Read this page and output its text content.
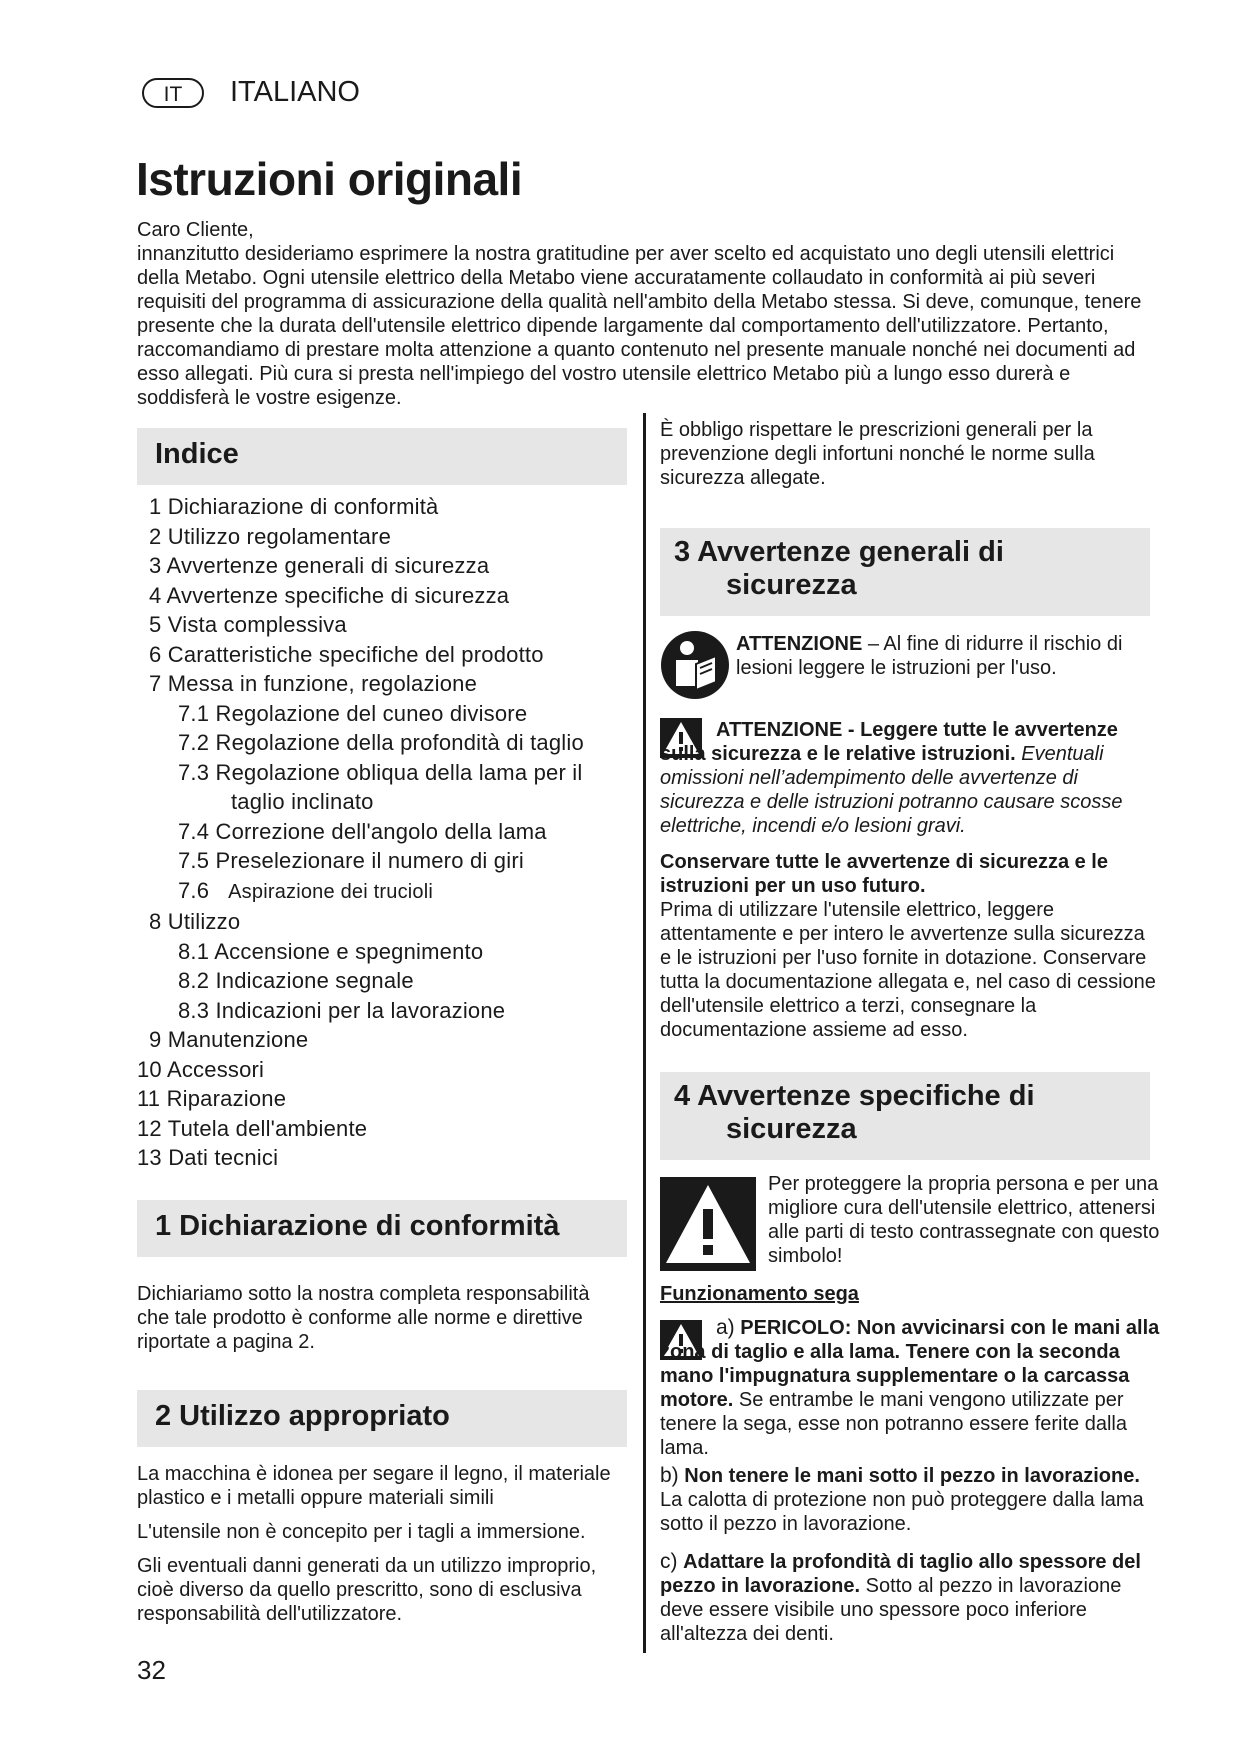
IT	ITALIANO
Istruzioni originali

Caro Cliente,

innanzitutto desideriamo esprimere la nostra gratitudine per aver scelto ed acquistato uno degli utensili elettrici della Metabo. Ogni utensile elettrico della Metabo viene accuratamente collaudato in conformità ai più severi requisiti del programma di assicurazione della qualità nell'ambito della Metabo stessa. Si deve, comunque, tenere presente che la durata dell'utensile elettrico dipende largamente dal comportamento dell'utilizzatore. Pertanto, raccomandiamo di prestare molta attenzione a quanto contenuto nel presente manuale nonché nei documenti ad esso allegati. Più cura si presta nell'impiego del vostro utensile elettrico Metabo più a lungo esso durerà e soddisferà le vostre esigenze.

Indice
1 Dichiarazione di conformità
2 Utilizzo regolamentare
3 Avvertenze generali di sicurezza
4 Avvertenze specifiche di sicurezza
5 Vista complessiva
6 Caratteristiche specifiche del prodotto
7 Messa in funzione, regolazione
7.1 Regolazione del cuneo divisore
7.2 Regolazione della profondità di taglio
7.3 Regolazione obliqua della lama per il
taglio inclinato
7.4 Correzione dell'angolo della lama
7.5 Preselezionare il numero di giri
7.6 Aspirazione dei trucioli
8 Utilizzo
8.1 Accensione e spegnimento
8.2 Indicazione segnale
8.3 Indicazioni per la lavorazione
9 Manutenzione
10 Accessori
11 Riparazione
12 Tutela dell'ambiente
13 Dati tecnici
1 Dichiarazione di conformità
Dichiariamo sotto la nostra completa responsabilità che tale prodotto è conforme alle norme e direttive riportate a pagina 2.
2 Utilizzo appropriato

La macchina è idonea per segare il legno, il materiale plastico e i metalli oppure materiali simili

L'utensile non è concepito per i tagli a immersione.

Gli eventuali danni generati da un utilizzo improprio, cioè diverso da quello prescritto, sono di esclusiva responsabilità dell'utilizzatore.

32
È obbligo rispettare le prescrizioni generali per la prevenzione degli infortuni nonché le norme sulla sicurezza allegate.
3 Avvertenze generali di
sicurezza
ATTENZIONE – Al fine di ridurre il rischio di lesioni leggere le istruzioni per l'uso.
ATTENZIONE - Leggere tutte le avvertenze sulla sicurezza e le relative istruzioni. Eventuali omissioni nell’adempimento delle avvertenze di sicurezza e delle istruzioni potranno causare scosse elettriche, incendi e/o lesioni gravi.
Conservare tutte le avvertenze di sicurezza e le istruzioni per un uso futuro.
Prima di utilizzare l'utensile elettrico, leggere attentamente e per intero le avvertenze sulla sicurezza e le istruzioni per l'uso fornite in dotazione. Conservare tutta la documentazione allegata e, nel caso di cessione dell'utensile elettrico a terzi, consegnare la documentazione assieme ad esso.
4 Avvertenze specifiche di
sicurezza
Per proteggere la propria persona e per una migliore cura dell'utensile elettrico, attenersi alle parti di testo contrassegnate con questo simbolo!
Funzionamento sega
a) PERICOLO: Non avvicinarsi con le mani alla zona di taglio e alla lama. Tenere con la seconda mano l'impugnatura supplementare o la carcassa motore. Se entrambe le mani vengono utilizzate per tenere la sega, esse non potranno essere ferite dalla lama.
b) Non tenere le mani sotto il pezzo in lavorazione. La calotta di protezione non può proteggere dalla lama sotto il pezzo in lavorazione.
c) Adattare la profondità di taglio allo spessore del pezzo in lavorazione. Sotto al pezzo in lavorazione deve essere visibile uno spessore poco inferiore all'altezza dei denti.
